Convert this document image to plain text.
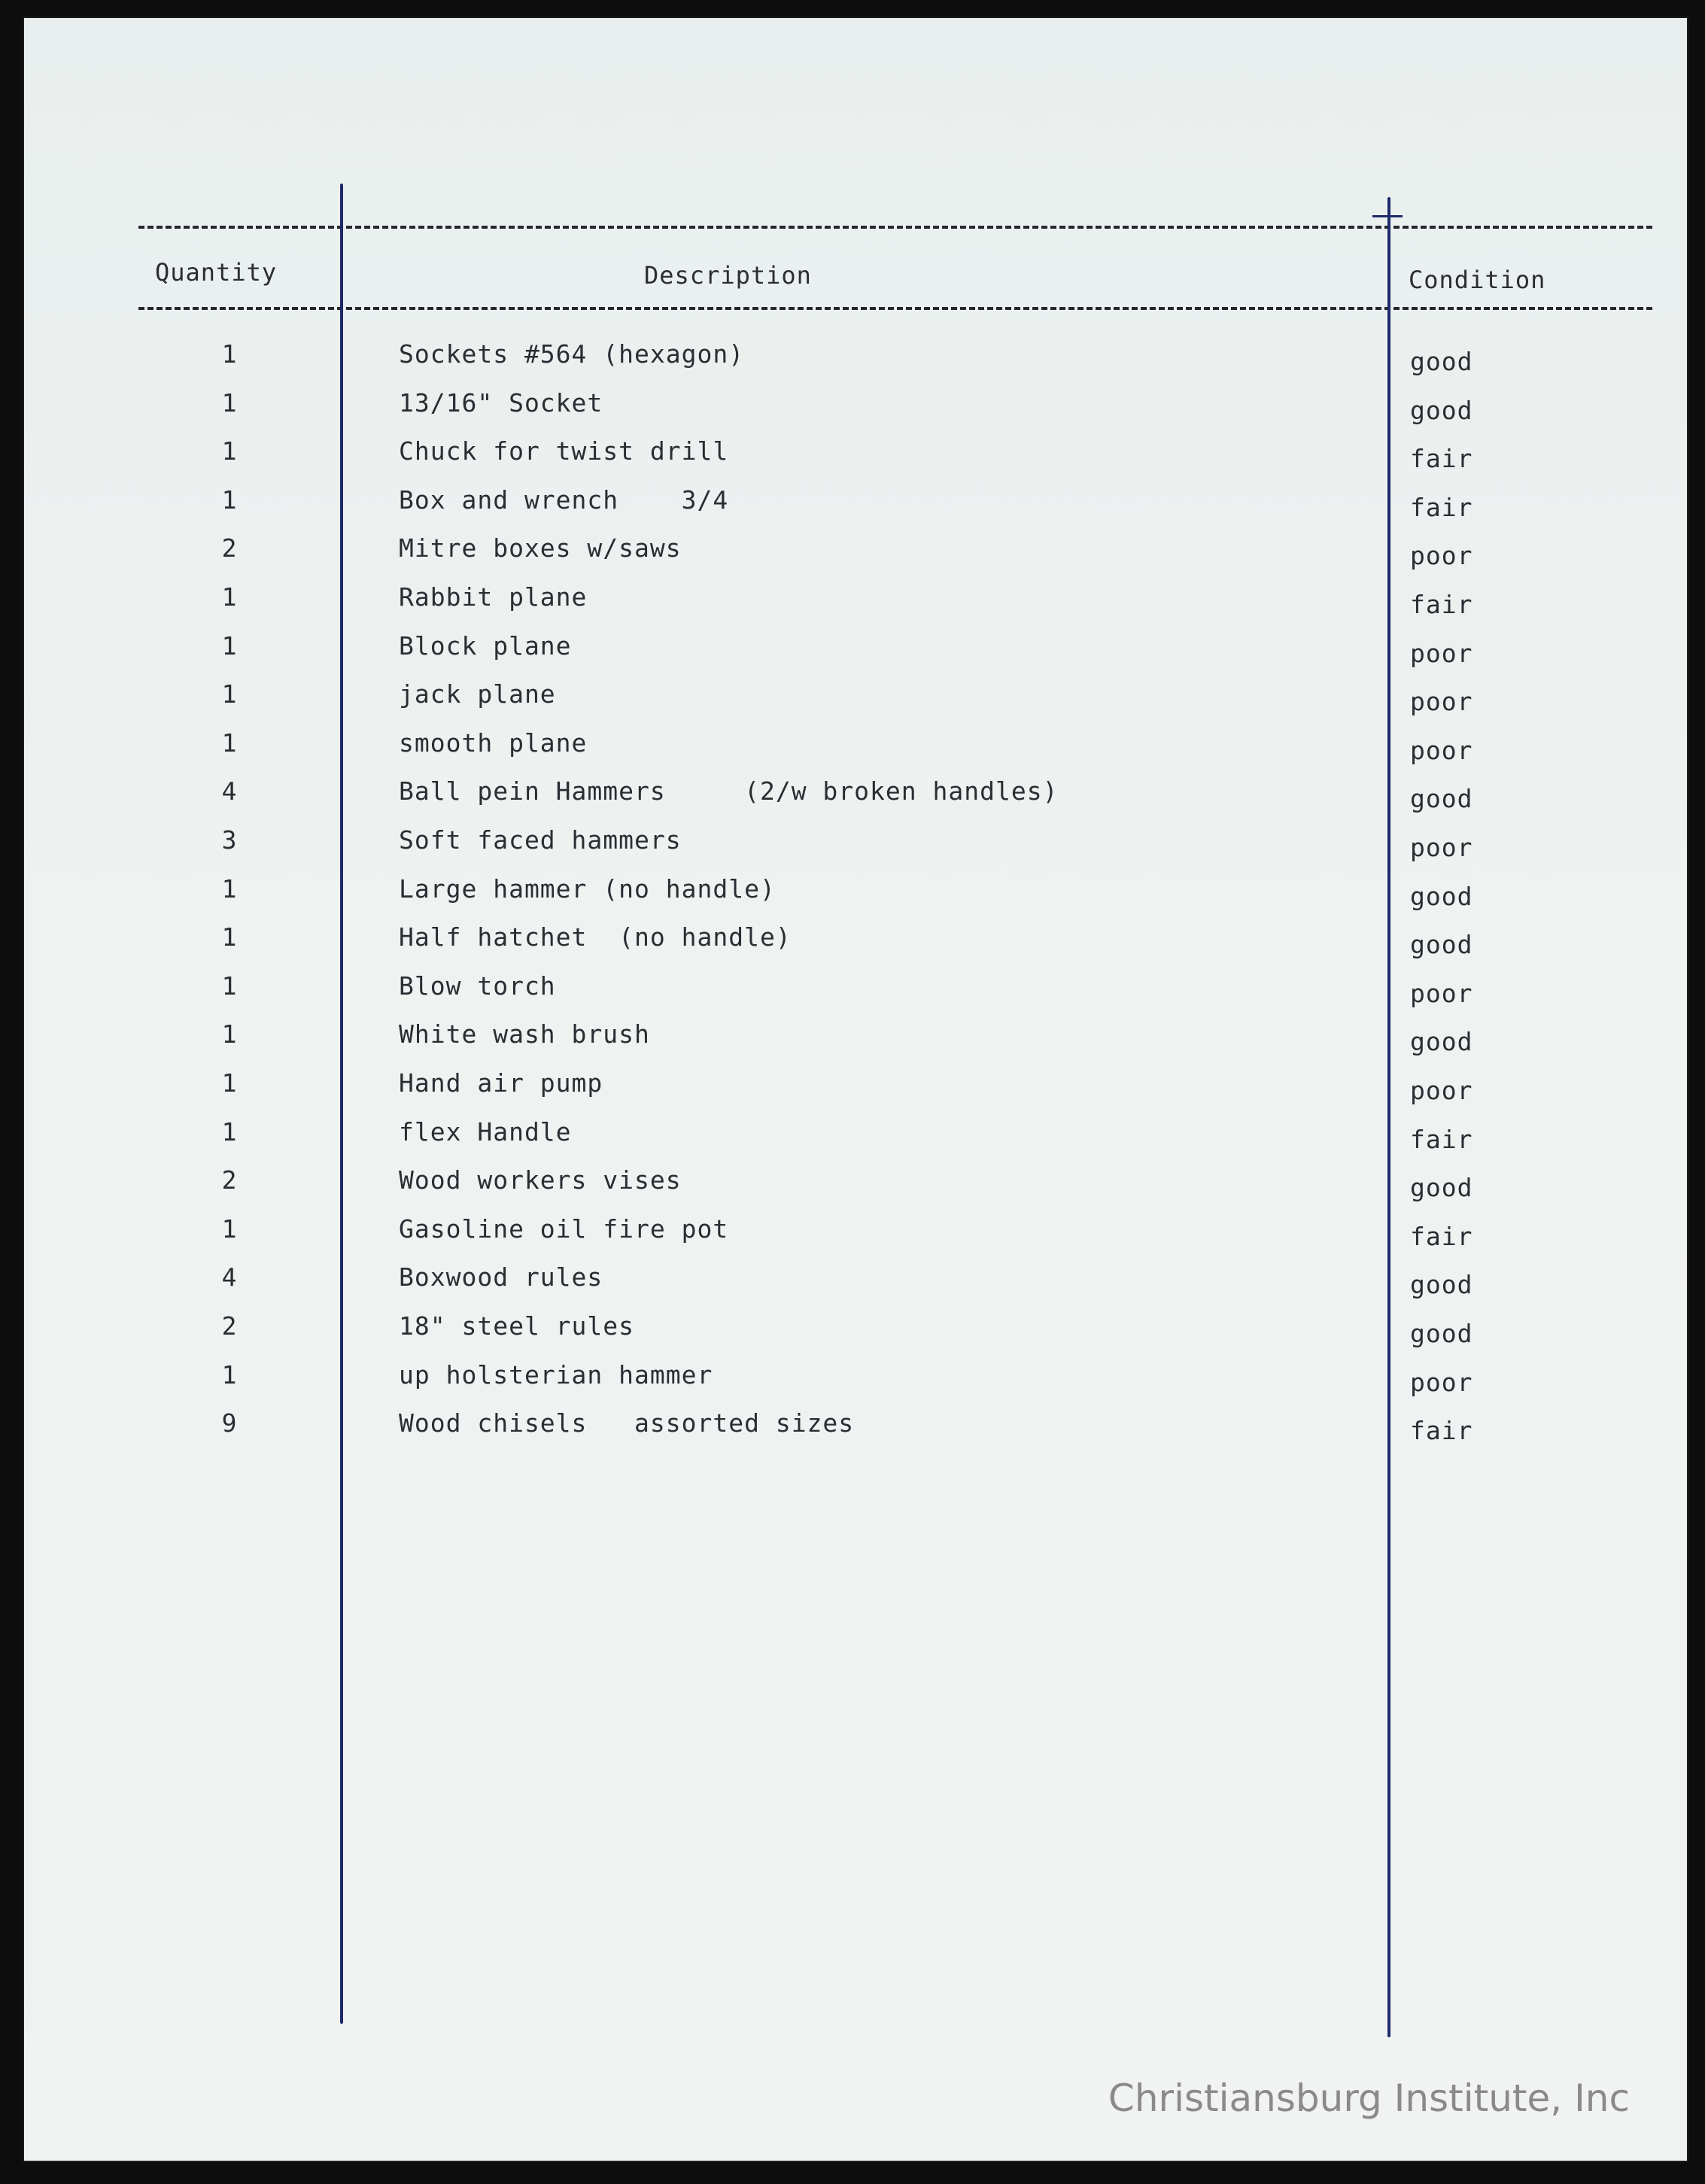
Quantity	Description	Condition
1	Sockets #564 (hexagon)	good
1	13/16" Socket	good
1	Chuck for twist drill	fair
1	Box and wrench    3/4	fair
2	Mitre boxes w/saws	poor
1	Rabbit plane	fair
1	Block plane	poor
1	jack plane	poor
1	smooth plane	poor
4	Ball pein Hammers     (2/w broken handles)	good
3	Soft faced hammers	poor
1	Large hammer (no handle)	good
1	Half hatchet  (no handle)	good
1	Blow torch	poor
1	White wash brush	good
1	Hand air pump	poor
1	flex Handle	fair
2	Wood workers vises	good
1	Gasoline oil fire pot	fair
4	Boxwood rules	good
2	18" steel rules	good
1	up holsterian hammer	poor
9	Wood chisels   assorted sizes	fair
Christiansburg Institute, Inc
